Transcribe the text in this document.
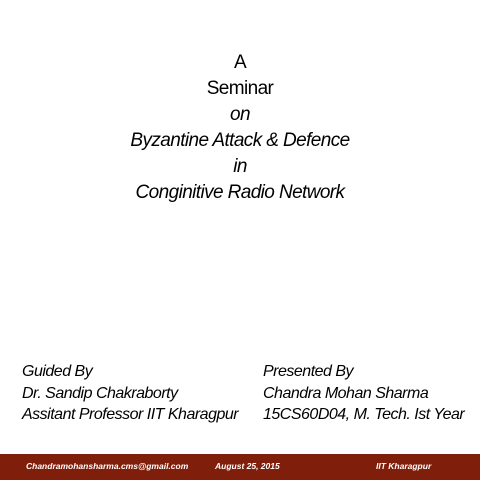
A
Seminar
on
Byzantine Attack & Defence
in
Conginitive Radio Network
Guided By
Dr. Sandip Chakraborty
Assitant Professor IIT Kharagpur
Presented By
Chandra Mohan Sharma
15CS60D04, M. Tech. Ist Year
Chandramohansharma.cms@gmail.com	August 25, 2015	IIT Kharagpur
